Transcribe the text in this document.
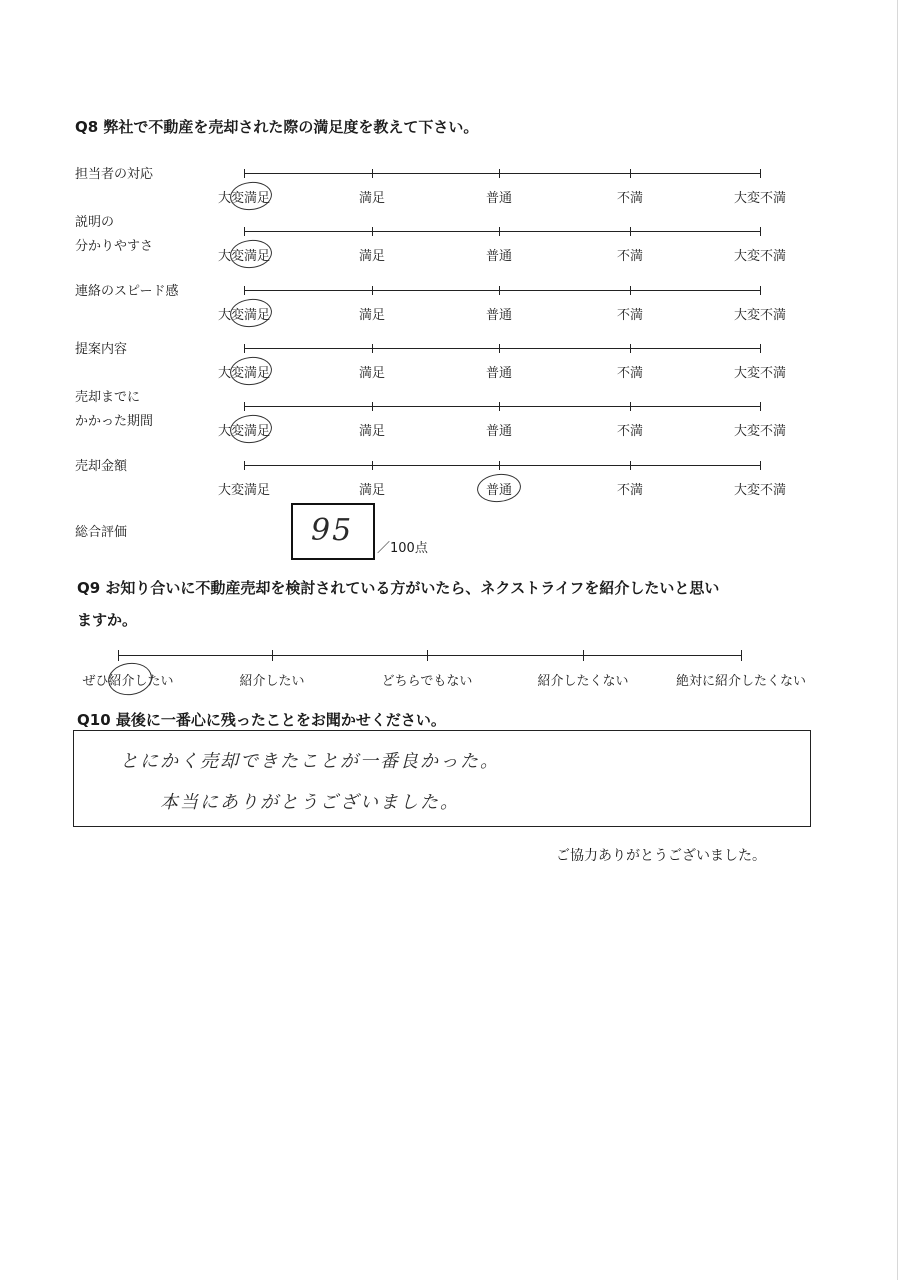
Q8 弊社で不動産を売却された際の満足度を教えて下さい。
担当者の対応
大変満足	満足	普通	不満	大変不満
説明の
分かりやすさ
大変満足	満足	普通	不満	大変不満
連絡のスピード感
大変満足	満足	普通	不満	大変不満
提案内容
大変満足	満足	普通	不満	大変不満
売却までに
かかった期間
大変満足	満足	普通	不満	大変不満
売却金額
大変満足	満足	普通	不満	大変不満
総合評価	95
／100点
Q9 お知り合いに不動産売却を検討されている方がいたら、ネクストライフを紹介したいと思い
ますか。
ぜひ紹介したい	紹介したい	どちらでもない	紹介したくない	絶対に紹介したくない
Q10 最後に一番心に残ったことをお聞かせください。
とにかく売却できたことが一番良かった。
本当にありがとうございました。
ご協力ありがとうございました。
